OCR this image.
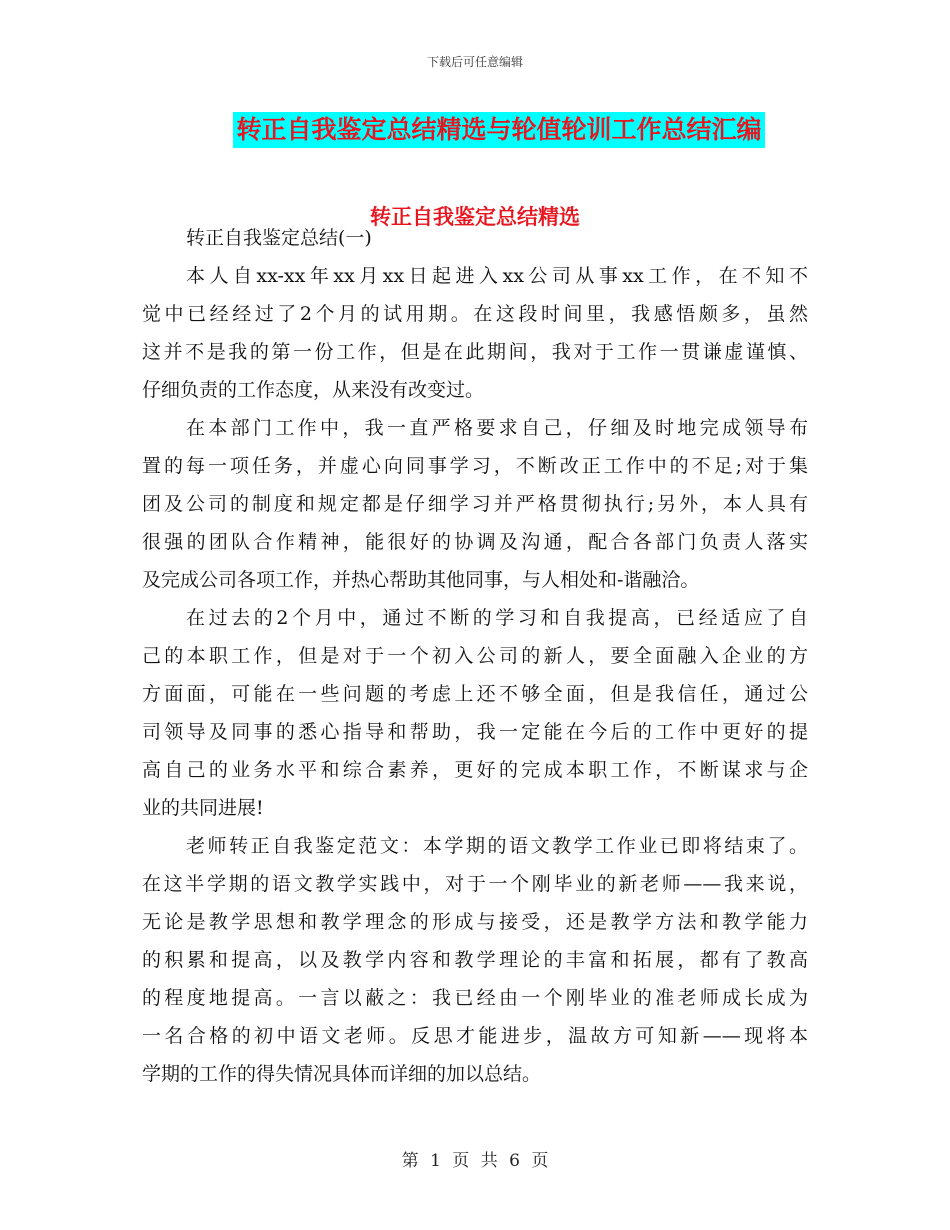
下载后可任意编辑
转正自我鉴定总结精选与轮值轮训工作总结汇编
转正自我鉴定总结精选
转正自我鉴定总结(一)
本人自xx-xx年xx月xx日起进入xx公司从事xx工作，在不知不
觉中已经经过了2个月的试用期。在这段时间里，我感悟颇多，虽然
这并不是我的第一份工作，但是在此期间，我对于工作一贯谦虚谨慎、
仔细负责的工作态度，从来没有改变过。
在本部门工作中，我一直严格要求自己，仔细及时地完成领导布
置的每一项任务，并虚心向同事学习，不断改正工作中的不足;对于集
团及公司的制度和规定都是仔细学习并严格贯彻执行;另外，本人具有
很强的团队合作精神，能很好的协调及沟通，配合各部门负责人落实
及完成公司各项工作，并热心帮助其他同事，与人相处和-谐融洽。
在过去的2个月中，通过不断的学习和自我提高，已经适应了自
己的本职工作，但是对于一个初入公司的新人，要全面融入企业的方
方面面，可能在一些问题的考虑上还不够全面，但是我信任，通过公
司领导及同事的悉心指导和帮助，我一定能在今后的工作中更好的提
高自己的业务水平和综合素养，更好的完成本职工作，不断谋求与企
业的共同进展!
老师转正自我鉴定范文：本学期的语文教学工作业已即将结束了。
在这半学期的语文教学实践中，对于一个刚毕业的新老师——我来说，
无论是教学思想和教学理念的形成与接受，还是教学方法和教学能力
的积累和提高，以及教学内容和教学理论的丰富和拓展，都有了教高
的程度地提高。一言以蔽之：我已经由一个刚毕业的准老师成长成为
一名合格的初中语文老师。反思才能进步，温故方可知新——现将本
学期的工作的得失情况具体而详细的加以总结。
第 1 页 共 6 页
